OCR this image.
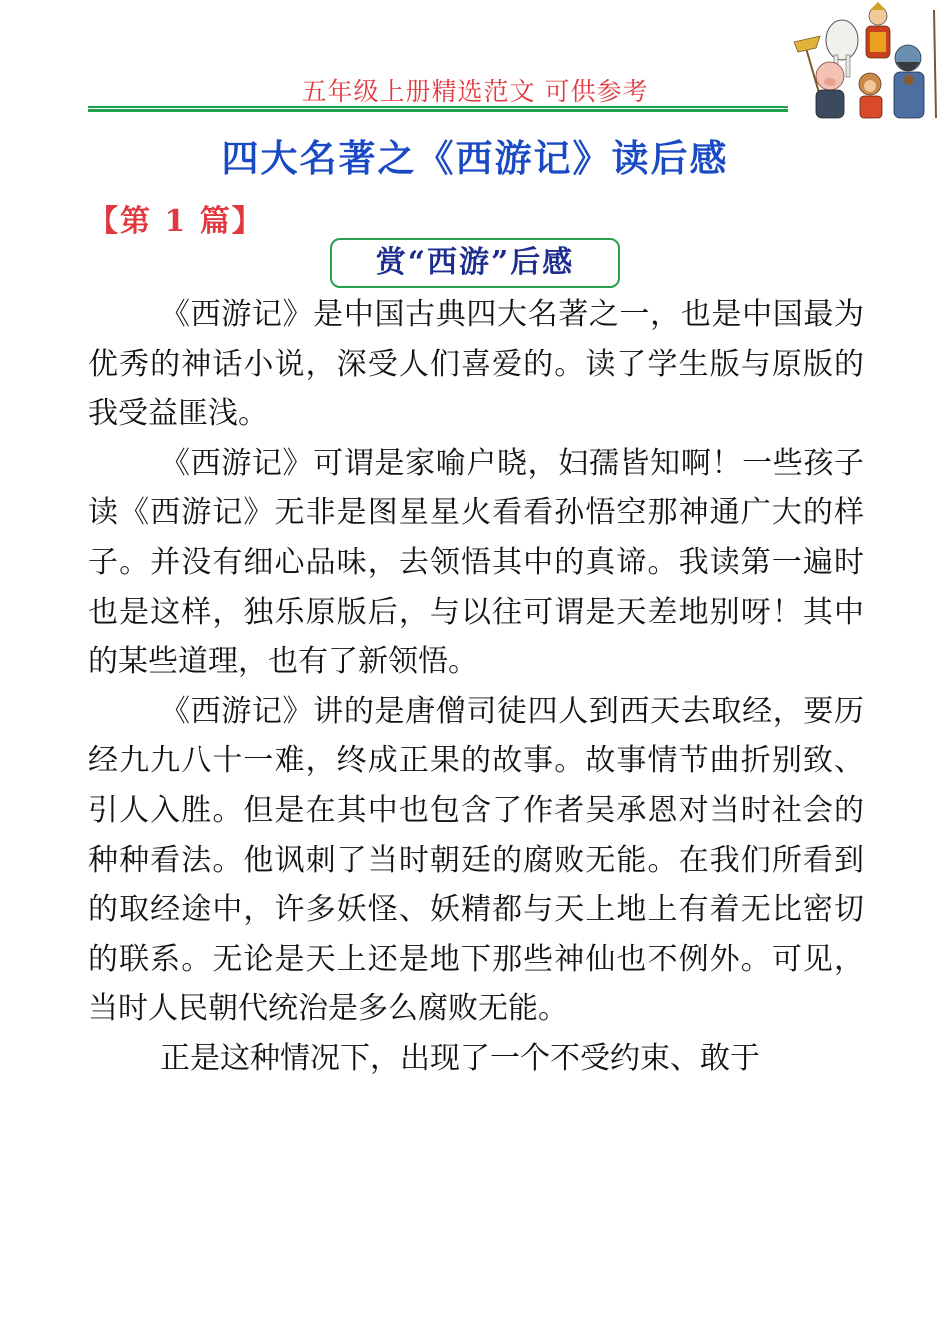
五年级上册精选范文 可供参考
四大名著之《西游记》读后感
【第 1 篇】
赏“西游”后感

《西游记》是中国古典四大名著之一，也是中国最为优秀的神话小说，深受人们喜爱的。读了学生版与原版的我受益匪浅。

《西游记》可谓是家喻户晓，妇孺皆知啊！一些孩子读《西游记》无非是图星星火看看孙悟空那神通广大的样子。并没有细心品味，去领悟其中的真谛。我读第一遍时也是这样，独乐原版后，与以往可谓是天差地别呀！其中的某些道理，也有了新领悟。

《西游记》讲的是唐僧司徒四人到西天去取经，要历经九九八十一难，终成正果的故事。故事情节曲折别致、引人入胜。但是在其中也包含了作者吴承恩对当时社会的种种看法。他讽刺了当时朝廷的腐败无能。在我们所看到的取经途中，许多妖怪、妖精都与天上地上有着无比密切的联系。无论是天上还是地下那些神仙也不例外。可见，当时人民朝代统治是多么腐败无能。

正是这种情况下，出现了一个不受约束、敢于
